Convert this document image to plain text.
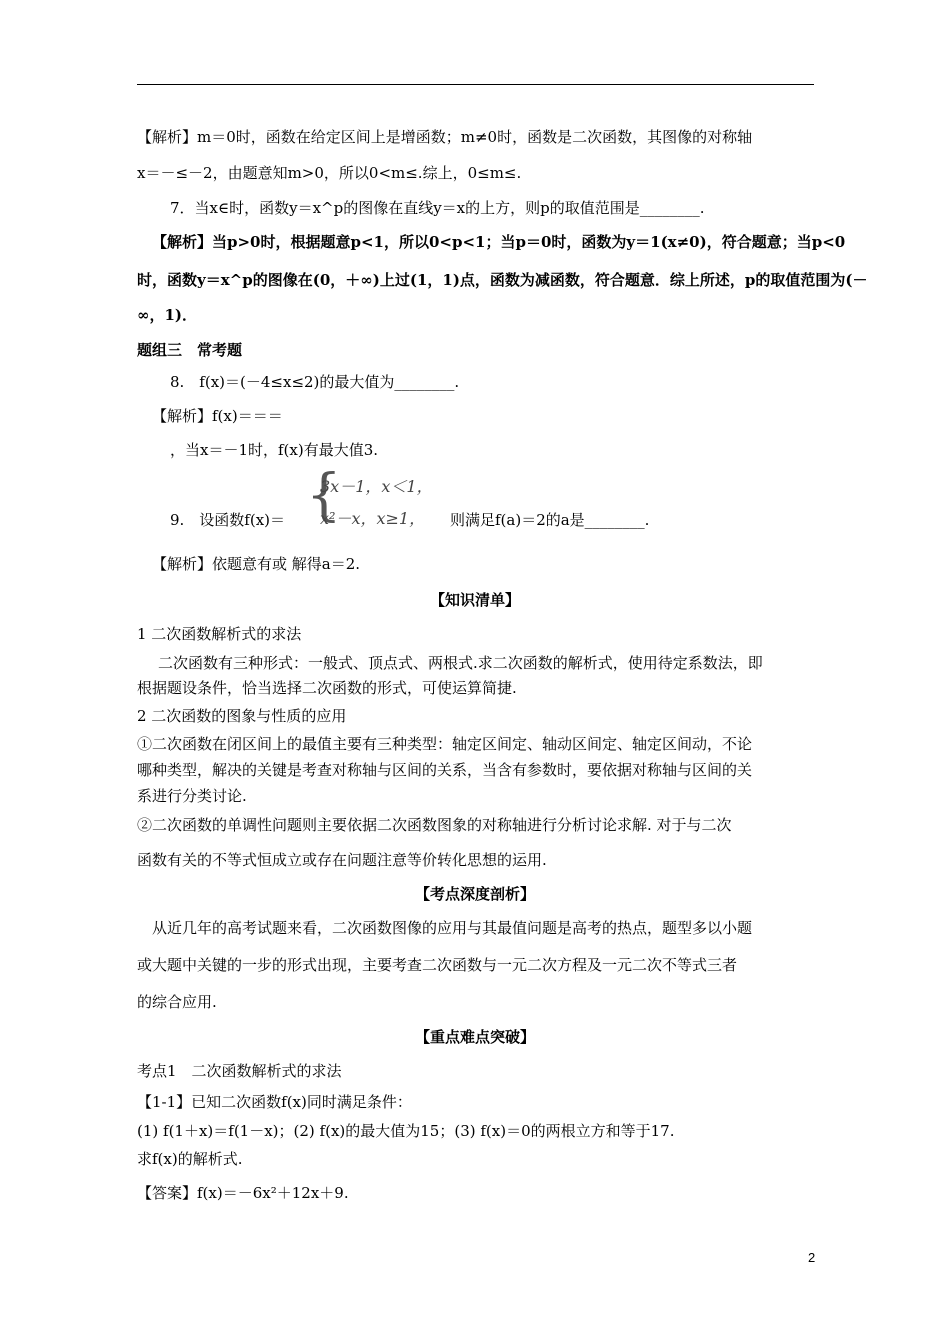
【解析】m＝0时，函数在给定区间上是增函数；m≠0时，函数是二次函数，其图像的对称轴
x＝－≤－2，由题意知m>0，所以0<m≤.综上，0≤m≤.
7．当x∈时，函数y＝x^p的图像在直线y＝x的上方，则p的取值范围是________.
【解析】当p>0时，根据题意p<1，所以0<p<1；当p＝0时，函数为y＝1(x≠0)，符合题意；当p<0
时，函数y＝x^p的图像在(0，＋∞)上过(1，1)点，函数为减函数，符合题意．综上所述，p的取值范围为(－
∞，1)．
题组三　常考题
8.　f(x)＝(－4≤x≤2)的最大值为________.
【解析】f(x)＝＝＝
，当x＝－1时，f(x)有最大值3.
9.　设函数f(x)＝ {
3x－1，x＜1，
x²－x，x≥1， 则满足f(a)＝2的a是________.
【解析】依题意有或 解得a＝2.
【知识清单】
1 二次函数解析式的求法
二次函数有三种形式：一般式、顶点式、两根式.求二次函数的解析式，使用待定系数法，即
根据题设条件，恰当选择二次函数的形式，可使运算简捷.
2 二次函数的图象与性质的应用
①二次函数在闭区间上的最值主要有三种类型：轴定区间定、轴动区间定、轴定区间动，不论
哪种类型，解决的关键是考查对称轴与区间的关系，当含有参数时，要依据对称轴与区间的关
系进行分类讨论.
②二次函数的单调性问题则主要依据二次函数图象的对称轴进行分析讨论求解. 对于与二次
函数有关的不等式恒成立或存在问题注意等价转化思想的运用.
【考点深度剖析】
从近几年的高考试题来看，二次函数图像的应用与其最值问题是高考的热点，题型多以小题
或大题中关键的一步的形式出现，主要考查二次函数与一元二次方程及一元二次不等式三者
的综合应用.
【重点难点突破】
考点1　二次函数解析式的求法
【1-1】已知二次函数f(x)同时满足条件：
(1) f(1＋x)＝f(1－x)；(2) f(x)的最大值为15；(3) f(x)＝0的两根立方和等于17.
求f(x)的解析式.
【答案】f(x)＝－6x²＋12x＋9.
2
